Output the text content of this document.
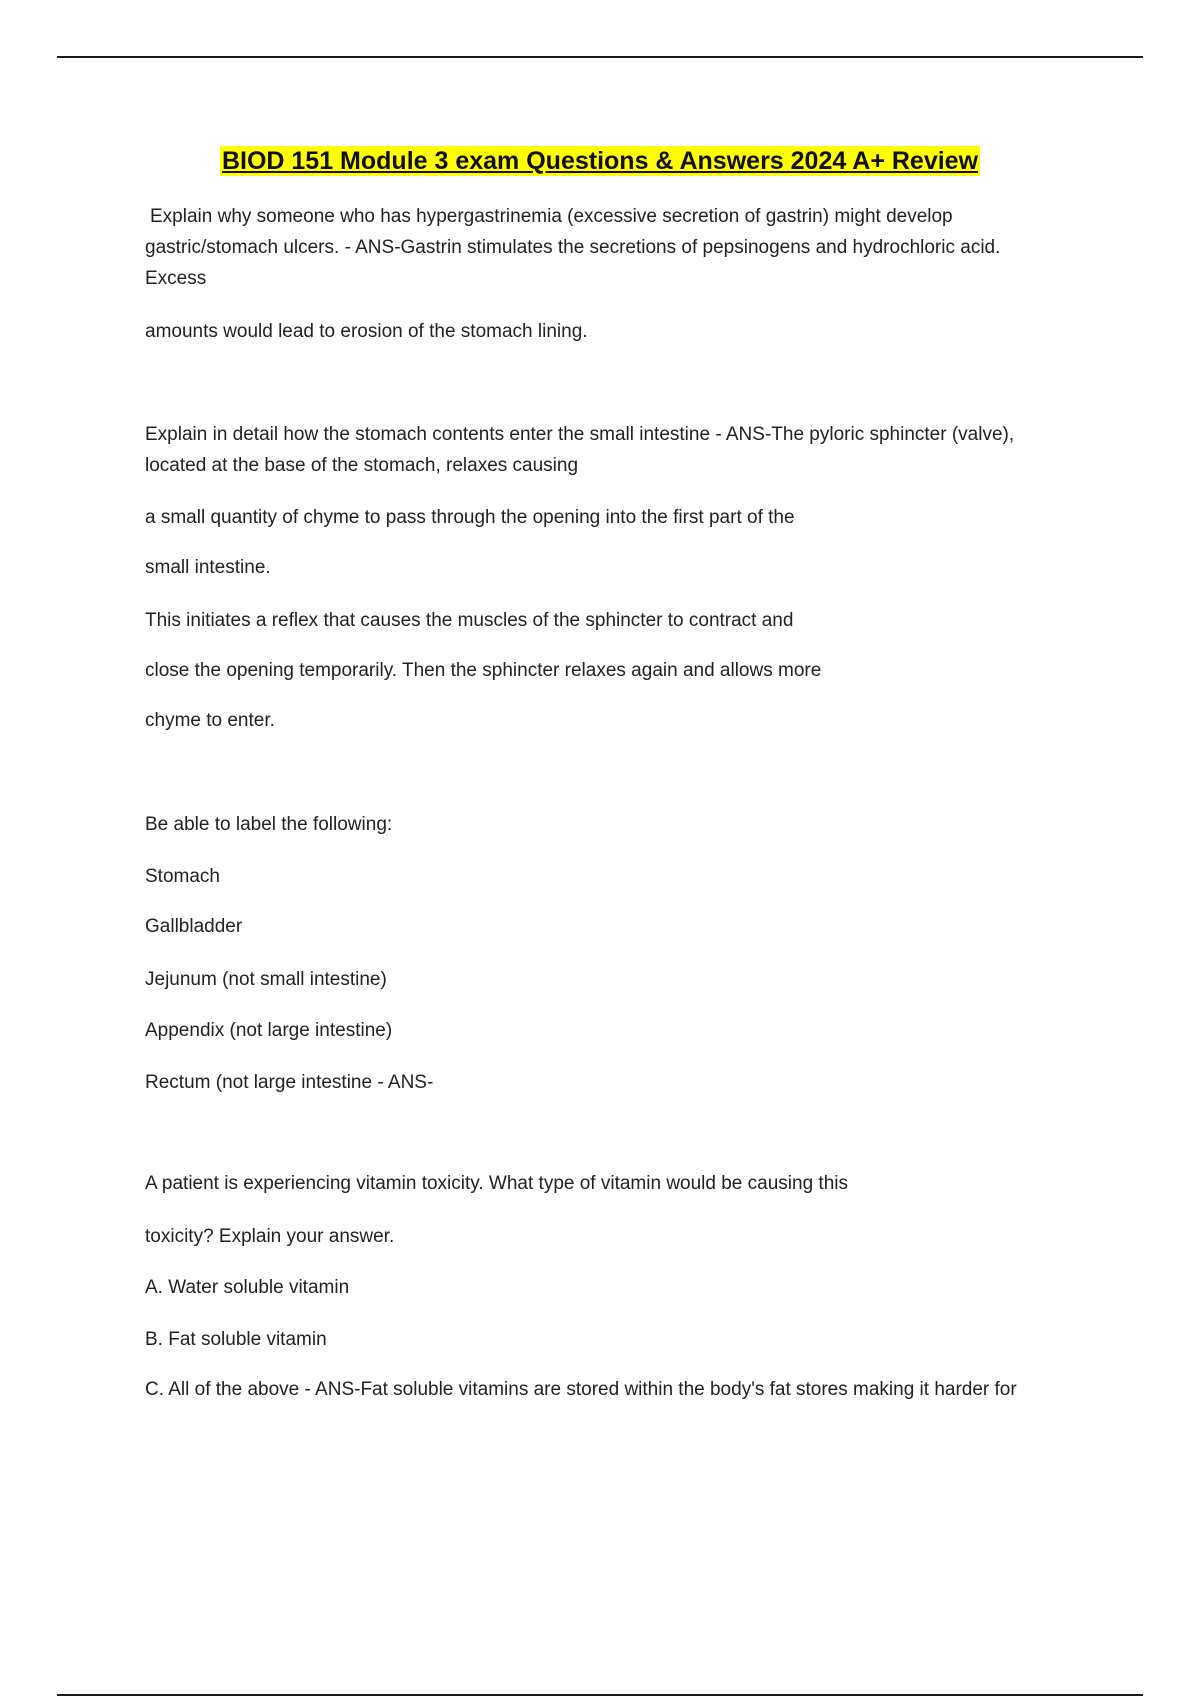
BIOD 151 Module 3 exam Questions & Answers 2024 A+ Review
Explain why someone who has hypergastrinemia (excessive secretion of gastrin) might develop
gastric/stomach ulcers. - ANS-Gastrin stimulates the secretions of pepsinogens and hydrochloric acid.
Excess
amounts would lead to erosion of the stomach lining.
Explain in detail how the stomach contents enter the small intestine - ANS-The pyloric sphincter (valve),
located at the base of the stomach, relaxes causing
a small quantity of chyme to pass through the opening into the first part of the
small intestine.
This initiates a reflex that causes the muscles of the sphincter to contract and
close the opening temporarily. Then the sphincter relaxes again and allows more
chyme to enter.
Be able to label the following:
Stomach
Gallbladder
Jejunum (not small intestine)
Appendix (not large intestine)
Rectum (not large intestine - ANS-
A patient is experiencing vitamin toxicity. What type of vitamin would be causing this
toxicity? Explain your answer.
A. Water soluble vitamin
B. Fat soluble vitamin
C. All of the above - ANS-Fat soluble vitamins are stored within the body's fat stores making it harder for
